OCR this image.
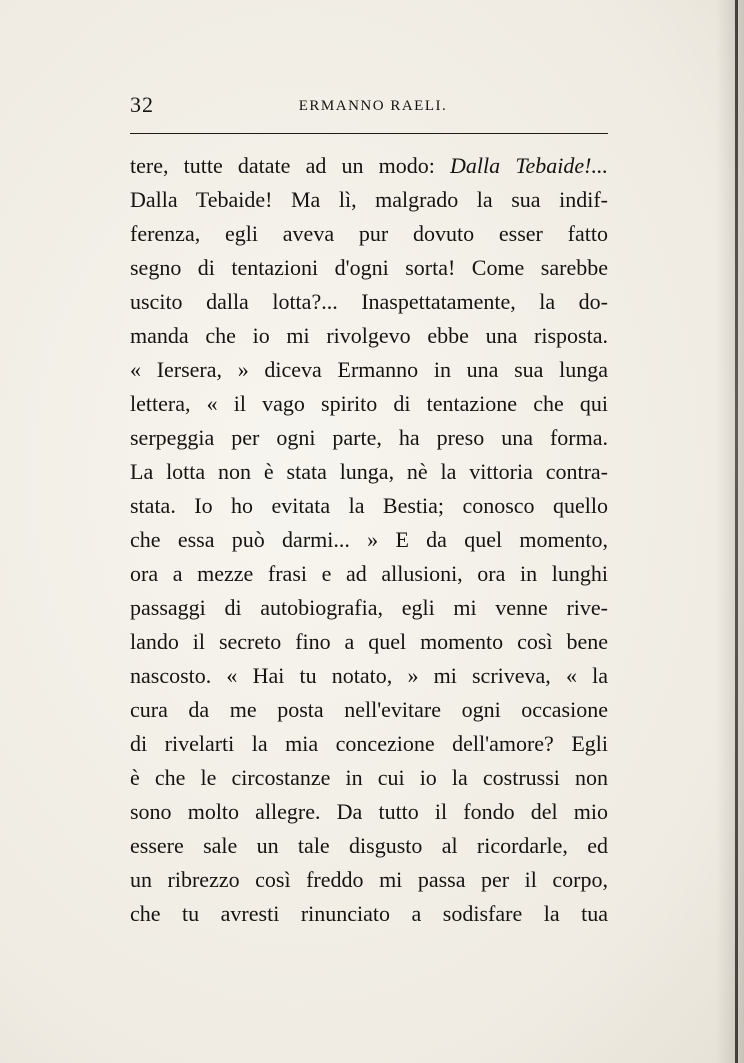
32	ERMANNO RAELI.
tere, tutte datate ad un modo: Dalla Tebaide!...
Dalla Tebaide! Ma lì, malgrado la sua indif-
ferenza, egli aveva pur dovuto esser fatto
segno di tentazioni d'ogni sorta! Come sarebbe
uscito dalla lotta?... Inaspettatamente, la do-
manda che io mi rivolgevo ebbe una risposta.
« Iersera, » diceva Ermanno in una sua lunga
lettera, « il vago spirito di tentazione che qui
serpeggia per ogni parte, ha preso una forma.
La lotta non è stata lunga, nè la vittoria contra-
stata. Io ho evitata la Bestia; conosco quello
che essa può darmi... » E da quel momento,
ora a mezze frasi e ad allusioni, ora in lunghi
passaggi di autobiografia, egli mi venne rive-
lando il secreto fino a quel momento così bene
nascosto. « Hai tu notato, » mi scriveva, « la
cura da me posta nell'evitare ogni occasione
di rivelarti la mia concezione dell'amore? Egli
è che le circostanze in cui io la costrussi non
sono molto allegre. Da tutto il fondo del mio
essere sale un tale disgusto al ricordarle, ed
un ribrezzo così freddo mi passa per il corpo,
che tu avresti rinunciato a sodisfare la tua
